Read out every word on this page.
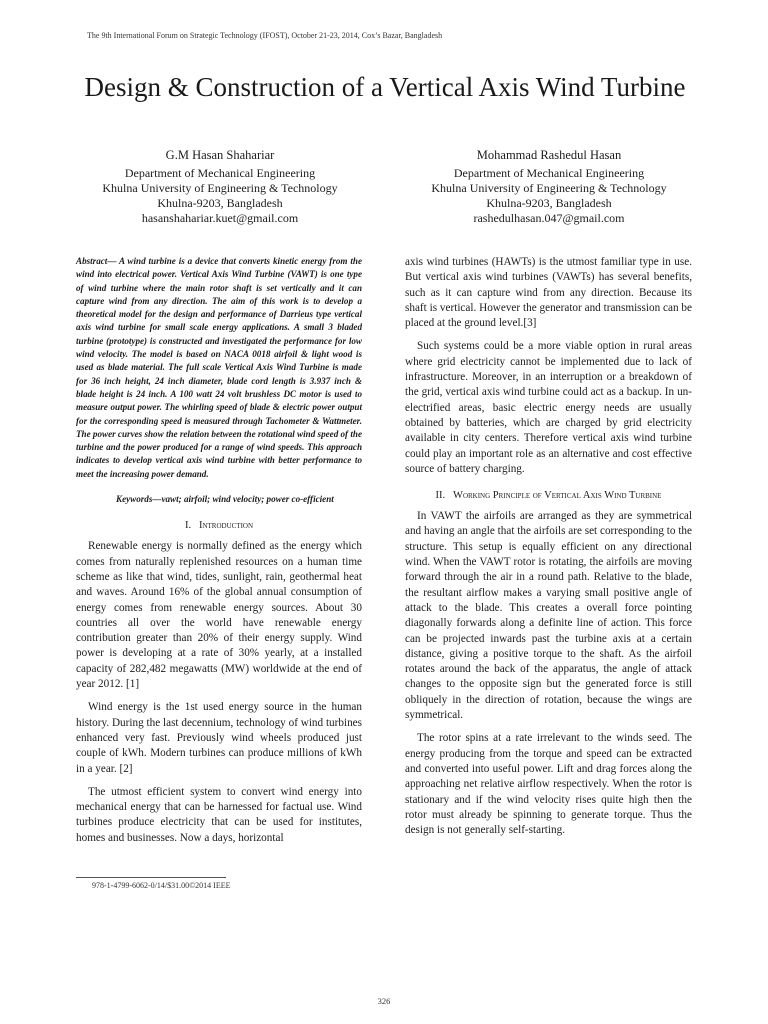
The 9th International Forum on Strategic Technology (IFOST), October 21-23, 2014, Cox’s Bazar, Bangladesh
Design & Construction of a Vertical Axis Wind Turbine
G.M Hasan Shahariar
Department of Mechanical Engineering
Khulna University of Engineering & Technology
Khulna-9203, Bangladesh
hasanshahariar.kuet@gmail.com
Mohammad Rashedul Hasan
Department of Mechanical Engineering
Khulna University of Engineering & Technology
Khulna-9203, Bangladesh
rashedulhasan.047@gmail.com

Abstract— A wind turbine is a device that converts kinetic energy from the wind into electrical power. Vertical Axis Wind Turbine (VAWT) is one type of wind turbine where the main rotor shaft is set vertically and it can capture wind from any direction. The aim of this work is to develop a theoretical model for the design and performance of Darrieus type vertical axis wind turbine for small scale energy applications. A small 3 bladed turbine (prototype) is constructed and investigated the performance for low wind velocity. The model is based on NACA 0018 airfoil & light wood is used as blade material. The full scale Vertical Axis Wind Turbine is made for 36 inch height, 24 inch diameter, blade cord length is 3.937 inch & blade height is 24 inch. A 100 watt 24 volt brushless DC motor is used to measure output power. The whirling speed of blade & electric power output for the corresponding speed is measured through Tachometer & Wattmeter. The power curves show the relation between the rotational wind speed of the turbine and the power produced for a range of wind speeds. This approach indicates to develop vertical axis wind turbine with better performance to meet the increasing power demand.

Keywords—vawt; airfoil; wind velocity; power co-efficient

I. Introduction

Renewable energy is normally defined as the energy which comes from naturally replenished resources on a human time scheme as like that wind, tides, sunlight, rain, geothermal heat and waves. Around 16% of the global annual consumption of energy comes from renewable energy sources. About 30 countries all over the world have renewable energy contribution greater than 20% of their energy supply. Wind power is developing at a rate of 30% yearly, at a installed capacity of 282,482 megawatts (MW) worldwide at the end of year 2012. [1]

Wind energy is the 1st used energy source in the human history. During the last decennium, technology of wind turbines enhanced very fast. Previously wind wheels produced just couple of kWh. Modern turbines can produce millions of kWh in a year. [2]

The utmost efficient system to convert wind energy into mechanical energy that can be harnessed for factual use. Wind turbines produce electricity that can be used for institutes, homes and businesses. Now a days, horizontal

axis wind turbines (HAWTs) is the utmost familiar type in use. But vertical axis wind turbines (VAWTs) has several benefits, such as it can capture wind from any direction. Because its shaft is vertical. However the generator and transmission can be placed at the ground level.[3]

Such systems could be a more viable option in rural areas where grid electricity cannot be implemented due to lack of infrastructure. Moreover, in an interruption or a breakdown of the grid, vertical axis wind turbine could act as a backup. In un-electrified areas, basic electric energy needs are usually obtained by batteries, which are charged by grid electricity available in city centers. Therefore vertical axis wind turbine could play an important role as an alternative and cost effective source of battery charging.

II. Working Principle of Vertical Axis Wind Turbine

In VAWT the airfoils are arranged as they are symmetrical and having an angle that the airfoils are set corresponding to the structure. This setup is equally efficient on any directional wind. When the VAWT rotor is rotating, the airfoils are moving forward through the air in a round path. Relative to the blade, the resultant airflow makes a varying small positive angle of attack to the blade. This creates a overall force pointing diagonally forwards along a definite line of action. This force can be projected inwards past the turbine axis at a certain distance, giving a positive torque to the shaft. As the airfoil rotates around the back of the apparatus, the angle of attack changes to the opposite sign but the generated force is still obliquely in the direction of rotation, because the wings are symmetrical.

The rotor spins at a rate irrelevant to the winds seed. The energy producing from the torque and speed can be extracted and converted into useful power. Lift and drag forces along the approaching net relative airflow respectively. When the rotor is stationary and if the wind velocity rises quite high then the rotor must already be spinning to generate torque. Thus the design is not generally self-starting.

978-1-4799-6062-0/14/$31.00©2014 IEEE
326
